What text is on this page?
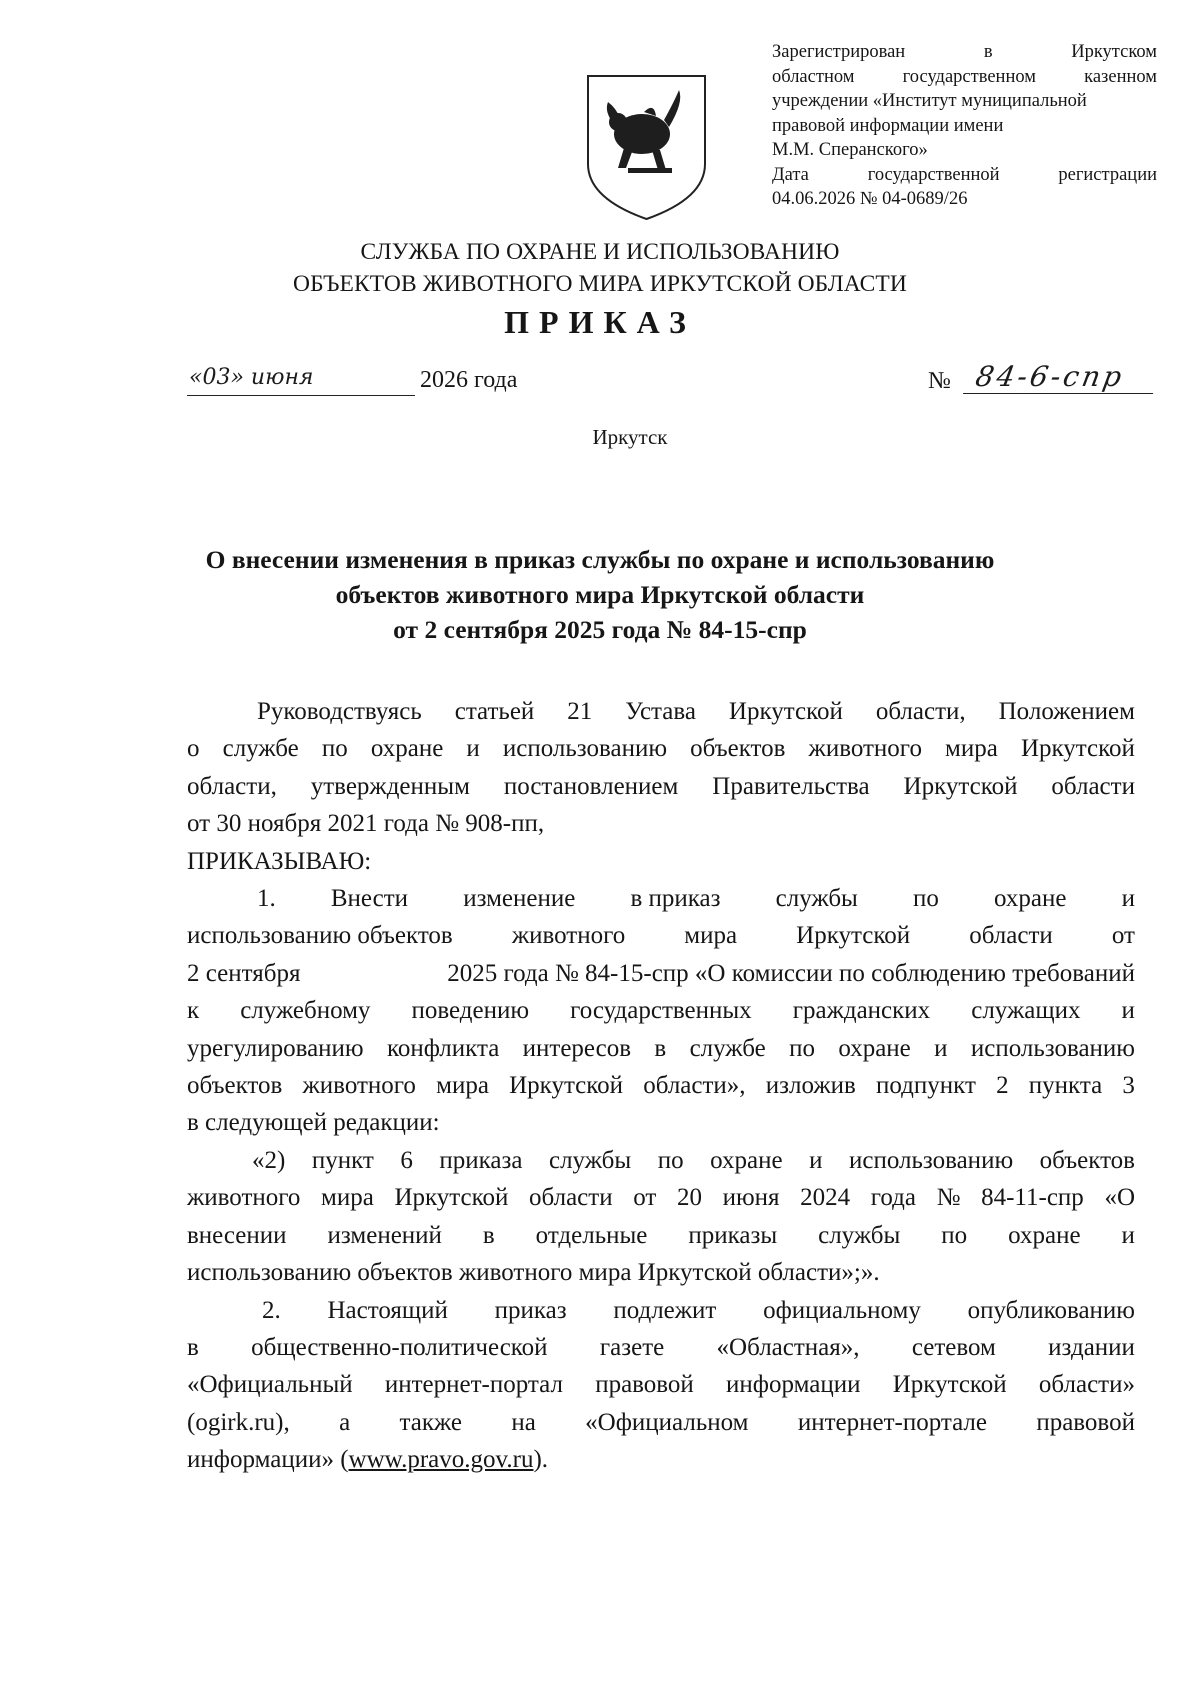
Зарегистрирован	в	Иркутском
областном	государственном	казенном
учреждении «Институт муниципальной
правовой информации имени
М.М. Сперанского»
Дата	государственной	регистрации
04.06.2026 № 04-0689/26
СЛУЖБА ПО ОХРАНЕ И ИСПОЛЬЗОВАНИЮ
ОБЪЕКТОВ ЖИВОТНОГО МИРА ИРКУТСКОЙ ОБЛАСТИ
ПРИКАЗ
«03» июня	2026 года	№ 84-6-спр
Иркутск
О внесении изменения в приказ службы по охране и использованию
объектов животного мира Иркутской области
от 2 сентября 2025 года № 84-15-спр
Руководствуясь статьей 21 Устава Иркутской области, Положением
о службе по охране и использованию объектов животного мира Иркутской
области, утвержденным постановлением Правительства Иркутской области
от 30 ноября 2021 года № 908-пп,
ПРИКАЗЫВАЮ:
1. Внести изменение в приказ службы по охране и
использованию объектов животного мира Иркутской области от
2 сентября	2025 года № 84-15-спр «О комиссии по соблюдению требований
к служебному поведению государственных гражданских служащих и
урегулированию конфликта интересов в службе по охране и использованию
объектов животного мира Иркутской области», изложив подпункт 2 пункта 3
в следующей редакции:
«2) пункт 6 приказа службы по охране и использованию объектов
животного мира Иркутской области от 20 июня 2024 года № 84-11-спр «О
внесении изменений в отдельные приказы службы по охране и
использованию объектов животного мира Иркутской области»;».
2. Настоящий приказ подлежит официальному опубликованию
в общественно-политической газете «Областная», сетевом издании
«Официальный интернет-портал правовой информации Иркутской области»
(ogirk.ru), а также на «Официальном интернет-портале правовой
информации» (www.pravo.gov.ru).
